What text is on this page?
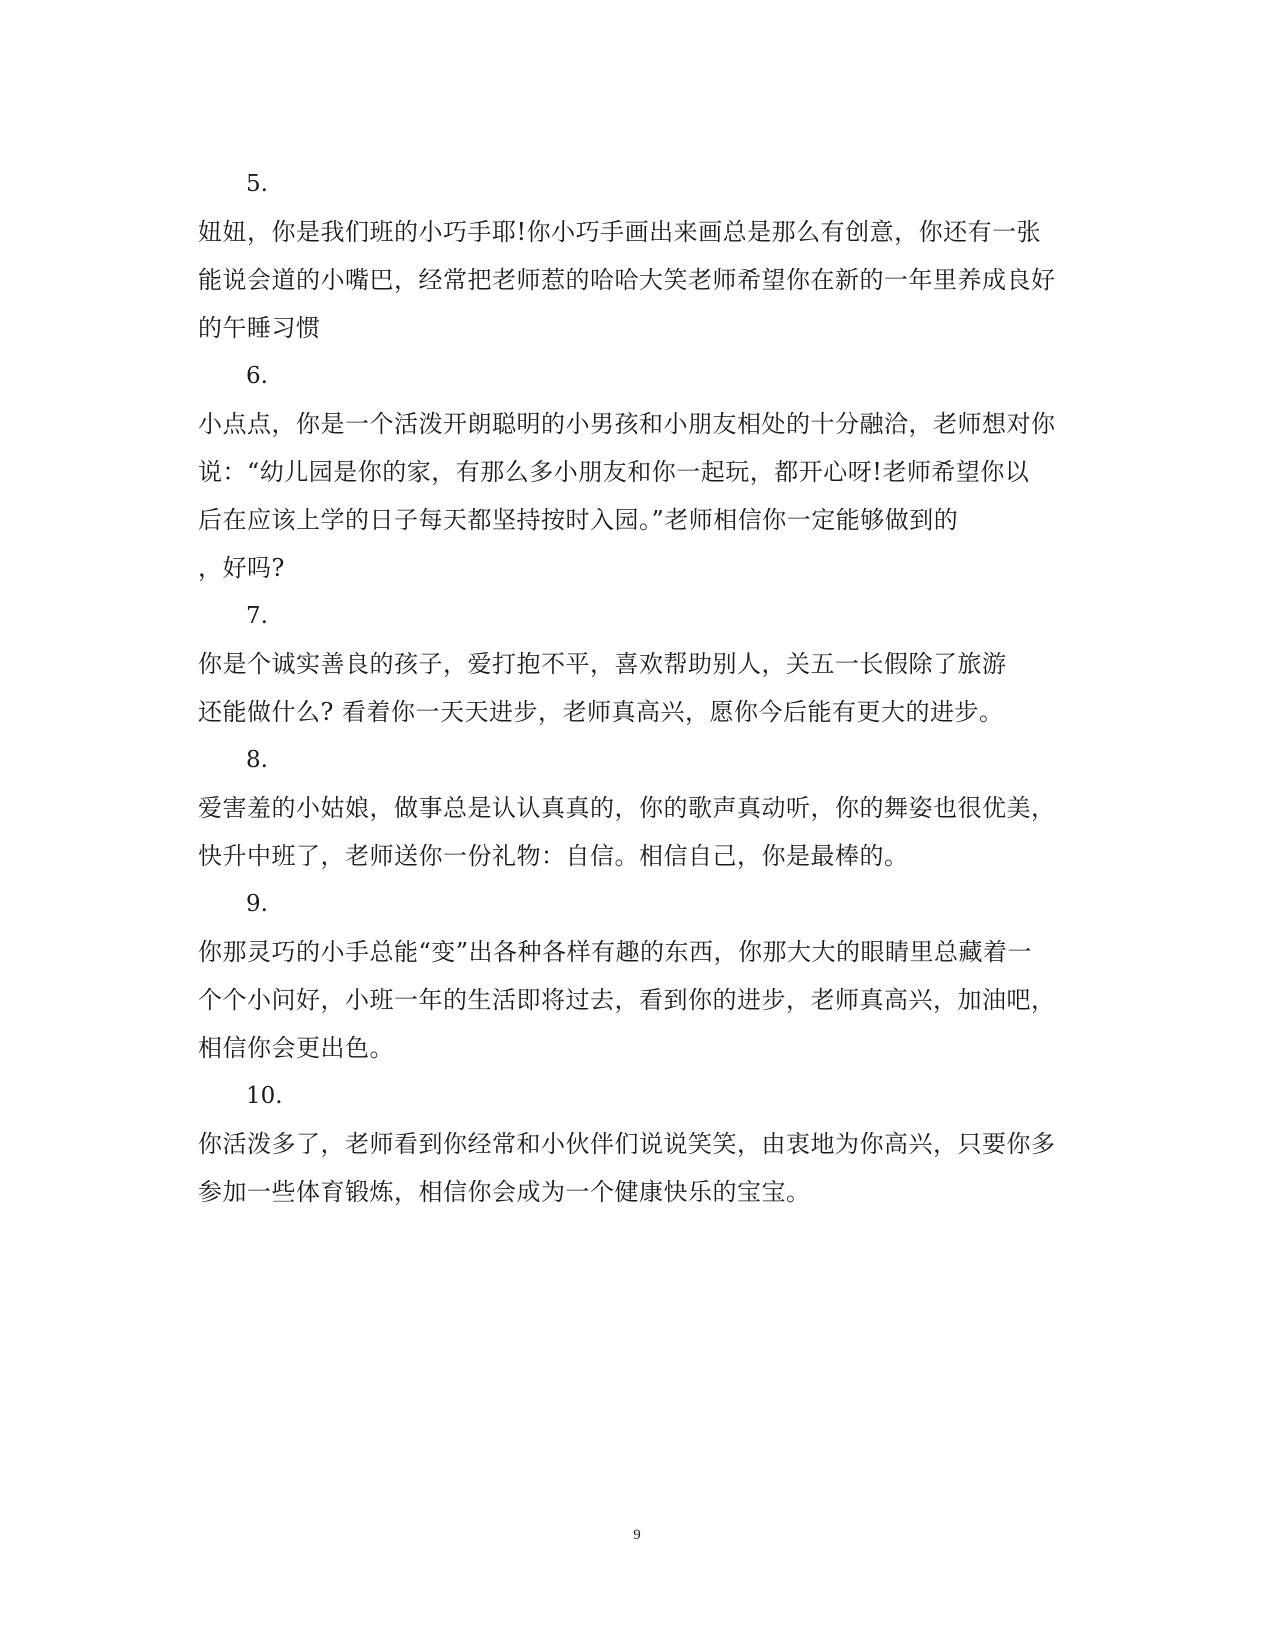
5.
妞妞，你是我们班的小巧手耶!你小巧手画出来画总是那么有创意，你还有一张
能说会道的小嘴巴，经常把老师惹的哈哈大笑老师希望你在新的一年里养成良好
的午睡习惯
6.
小点点，你是一个活泼开朗聪明的小男孩和小朋友相处的十分融洽，老师想对你
说：“幼儿园是你的家，有那么多小朋友和你一起玩，都开心呀!老师希望你以
后在应该上学的日子每天都坚持按时入园。”老师相信你一定能够做到的
，好吗?
7.
你是个诚实善良的孩子，爱打抱不平，喜欢帮助别人，关五一长假除了旅游
还能做什么? 看着你一天天进步，老师真高兴，愿你今后能有更大的进步。
8.
爱害羞的小姑娘，做事总是认认真真的，你的歌声真动听，你的舞姿也很优美，
快升中班了，老师送你一份礼物：自信。相信自己，你是最棒的。
9.
你那灵巧的小手总能“变”出各种各样有趣的东西，你那大大的眼睛里总藏着一
个个小问好，小班一年的生活即将过去，看到你的进步，老师真高兴，加油吧，
相信你会更出色。
10.
你活泼多了，老师看到你经常和小伙伴们说说笑笑，由衷地为你高兴，只要你多
参加一些体育锻炼，相信你会成为一个健康快乐的宝宝。
9
